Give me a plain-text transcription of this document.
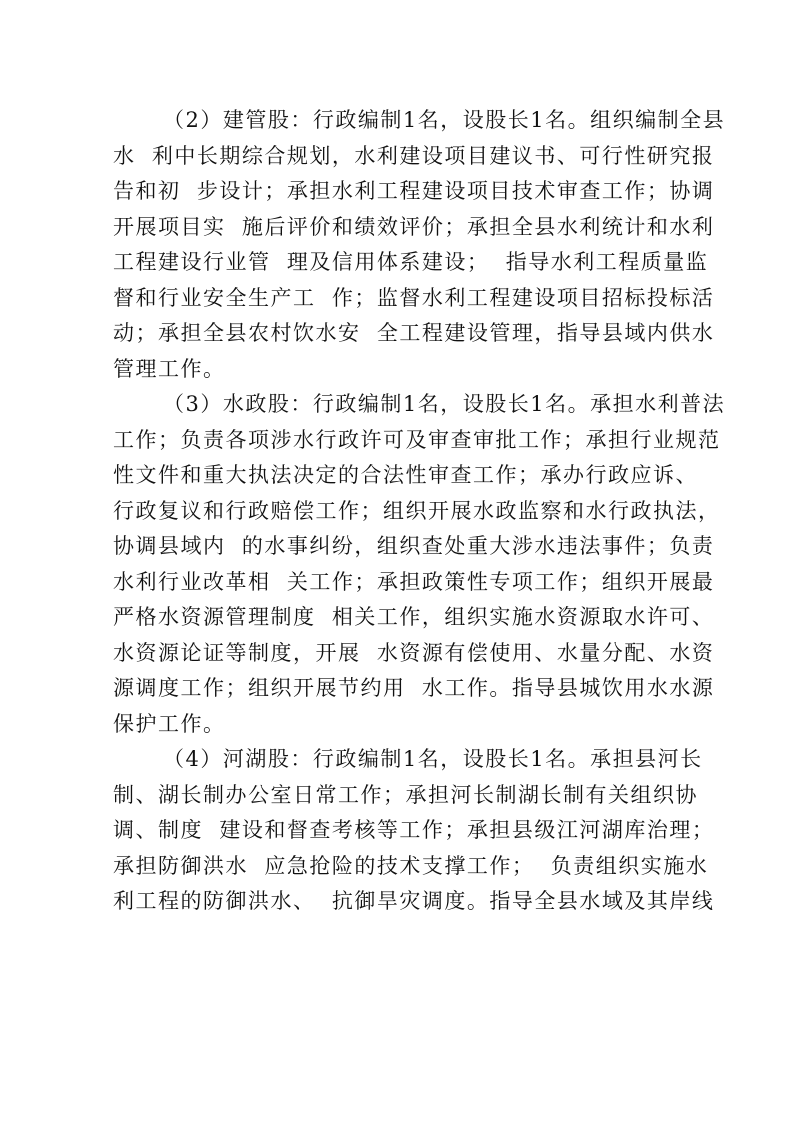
（2）建管股：行政编制1名，设股长1名。组织编制全县
水  利中长期综合规划，水利建设项目建议书、可行性研究报
告和初  步设计；承担水利工程建设项目技术审查工作；协调
开展项目实  施后评价和绩效评价；承担全县水利统计和水利
工程建设行业管  理及信用体系建设；  指导水利工程质量监
督和行业安全生产工  作；监督水利工程建设项目招标投标活
动；承担全县农村饮水安  全工程建设管理，指导县域内供水
管理工作。
（3）水政股：行政编制1名，设股长1名。承担水利普法
工作；负责各项涉水行政许可及审查审批工作；承担行业规范
性文件和重大执法决定的合法性审查工作；承办行政应诉、
行政复议和行政赔偿工作；组织开展水政监察和水行政执法，
协调县域内  的水事纠纷，组织查处重大涉水违法事件；负责
水利行业改革相  关工作；承担政策性专项工作；组织开展最
严格水资源管理制度  相关工作，组织实施水资源取水许可、
水资源论证等制度，开展  水资源有偿使用、水量分配、水资
源调度工作；组织开展节约用  水工作。指导县城饮用水水源
保护工作。
（4）河湖股：行政编制1名，设股长1名。承担县河长
制、湖长制办公室日常工作；承担河长制湖长制有关组织协
调、制度  建设和督查考核等工作；承担县级江河湖库治理；
承担防御洪水  应急抢险的技术支撑工作；  负责组织实施水
利工程的防御洪水、  抗御旱灾调度。指导全县水域及其岸线
